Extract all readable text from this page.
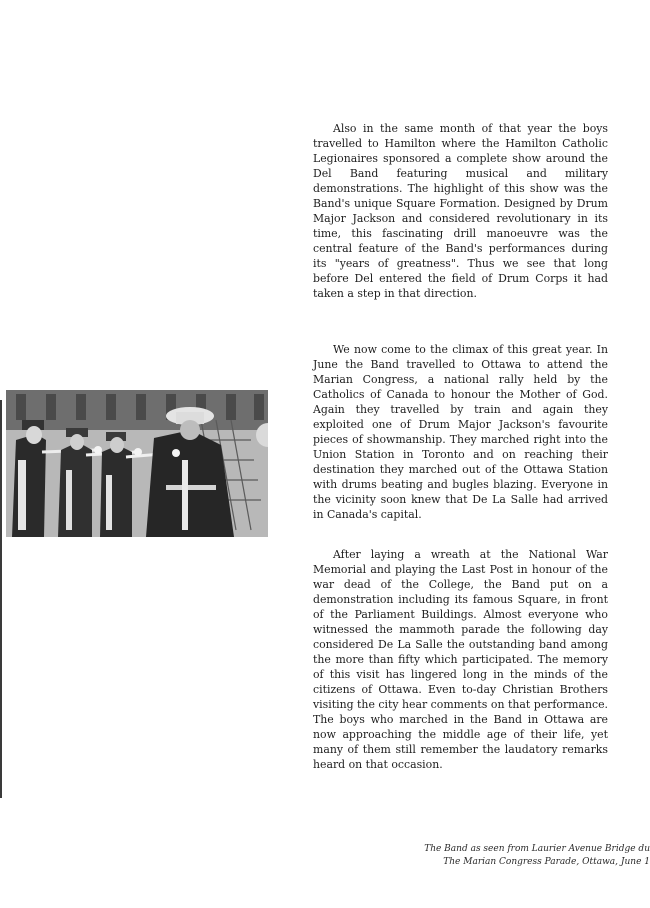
Also in the same month of that year the boys travelled to Hamilton where the Hamilton Catholic Legionaires sponsored a complete show around the Del Band featuring musical and military demonstrations. The highlight of this show was the Band's unique Square Formation. Designed by Drum Major Jackson and considered revolutionary in its time, this fascinating drill manoeuvre was the central feature of the Band's performances during its "years of greatness". Thus we see that long before Del entered the field of Drum Corps it had taken a step in that direction.

We now come to the climax of this great year. In June the Band travelled to Ottawa to attend the Marian Congress, a national rally held by the Catholics of Canada to honour the Mother of God. Again they travelled by train and again they exploited one of Drum Major Jackson's favourite pieces of showmanship. They marched right into the Union Station in Toronto and on reaching their destination they marched out of the Ottawa Station with drums beating and bugles blazing. Everyone in the vicinity soon knew that De La Salle had arrived in Canada's capital.

After laying a wreath at the National War Memorial and playing the Last Post in honour of the war dead of the College, the Band put on a demonstration including its famous Square, in front of the Parliament Buildings. Almost everyone who witnessed the mammoth parade the following day considered De La Salle the outstanding band among the more than fifty which participated. The memory of this visit has lingered long in the minds of the citizens of Ottawa. Even to-day Christian Brothers visiting the city hear comments on that performance. The boys who marched in the Band in Ottawa are now approaching the middle age of their life, yet many of them still remember the laudatory remarks heard on that occasion.

The Band as seen from Laurier Avenue Bridge du
The Marian Congress Parade, Ottawa, June 1
